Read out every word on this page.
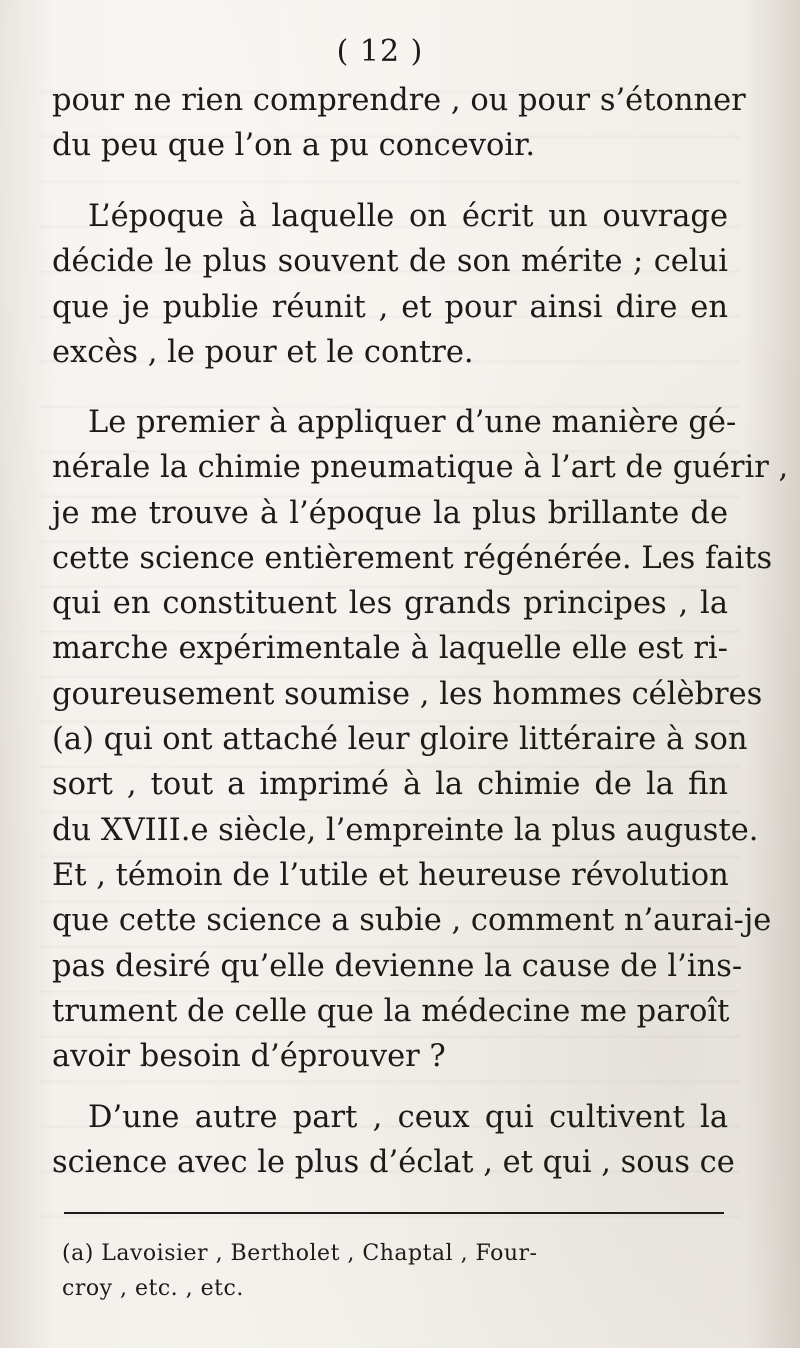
( 12 )
pour ne rien comprendre , ou pour s’étonner
du peu que l’on a pu concevoir.
L’époque à laquelle on écrit un ouvrage
décide le plus souvent de son mérite ; celui
que je publie réunit , et pour ainsi dire en
excès , le pour et le contre.
Le premier à appliquer d’une manière gé-
nérale la chimie pneumatique à l’art de guérir ,
je me trouve à l’époque la plus brillante de
cette science entièrement régénérée. Les faits
qui en constituent les grands principes , la
marche expérimentale à laquelle elle est ri-
goureusement soumise , les hommes célèbres
(a) qui ont attaché leur gloire littéraire à son
sort , tout a imprimé à la chimie de la fin
du XVIII.e siècle, l’empreinte la plus auguste.
Et , témoin de l’utile et heureuse révolution
que cette science a subie , comment n’aurai-je
pas desiré qu’elle devienne la cause de l’ins-
trument de celle que la médecine me paroît
avoir besoin d’éprouver ?
D’une autre part , ceux qui cultivent la
science avec le plus d’éclat , et qui , sous ce
(a) Lavoisier , Bertholet , Chaptal , Four-
croy , etc. , etc.
